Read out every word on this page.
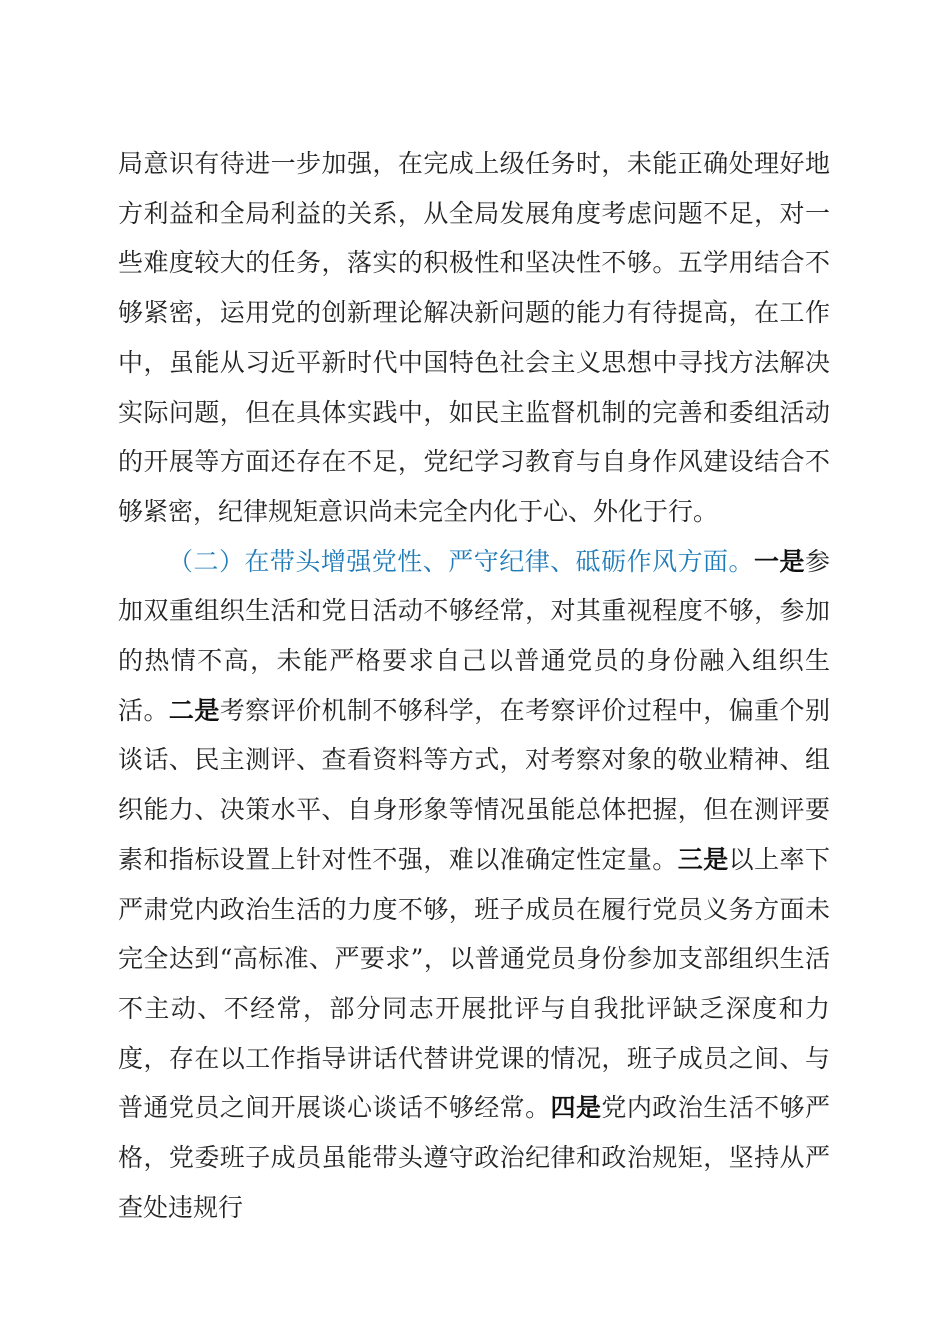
局意识有待进一步加强，在完成上级任务时，未能正确处理好地方利益和全局利益的关系，从全局发展角度考虑问题不足，对一些难度较大的任务，落实的积极性和坚决性不够。五学用结合不够紧密，运用党的创新理论解决新问题的能力有待提高，在工作中，虽能从习近平新时代中国特色社会主义思想中寻找方法解决实际问题，但在具体实践中，如民主监督机制的完善和委组活动的开展等方面还存在不足，党纪学习教育与自身作风建设结合不够紧密，纪律规矩意识尚未完全内化于心、外化于行。

（二）在带头增强党性、严守纪律、砥砺作风方面。一是参加双重组织生活和党日活动不够经常，对其重视程度不够，参加的热情不高，未能严格要求自己以普通党员的身份融入组织生活。二是考察评价机制不够科学，在考察评价过程中，偏重个别谈话、民主测评、查看资料等方式，对考察对象的敬业精神、组织能力、决策水平、自身形象等情况虽能总体把握，但在测评要素和指标设置上针对性不强，难以准确定性定量。三是以上率下严肃党内政治生活的力度不够，班子成员在履行党员义务方面未完全达到“高标准、严要求”，以普通党员身份参加支部组织生活不主动、不经常，部分同志开展批评与自我批评缺乏深度和力度，存在以工作指导讲话代替讲党课的情况，班子成员之间、与普通党员之间开展谈心谈话不够经常。四是党内政治生活不够严格，党委班子成员虽能带头遵守政治纪律和政治规矩，坚持从严查处违规行
